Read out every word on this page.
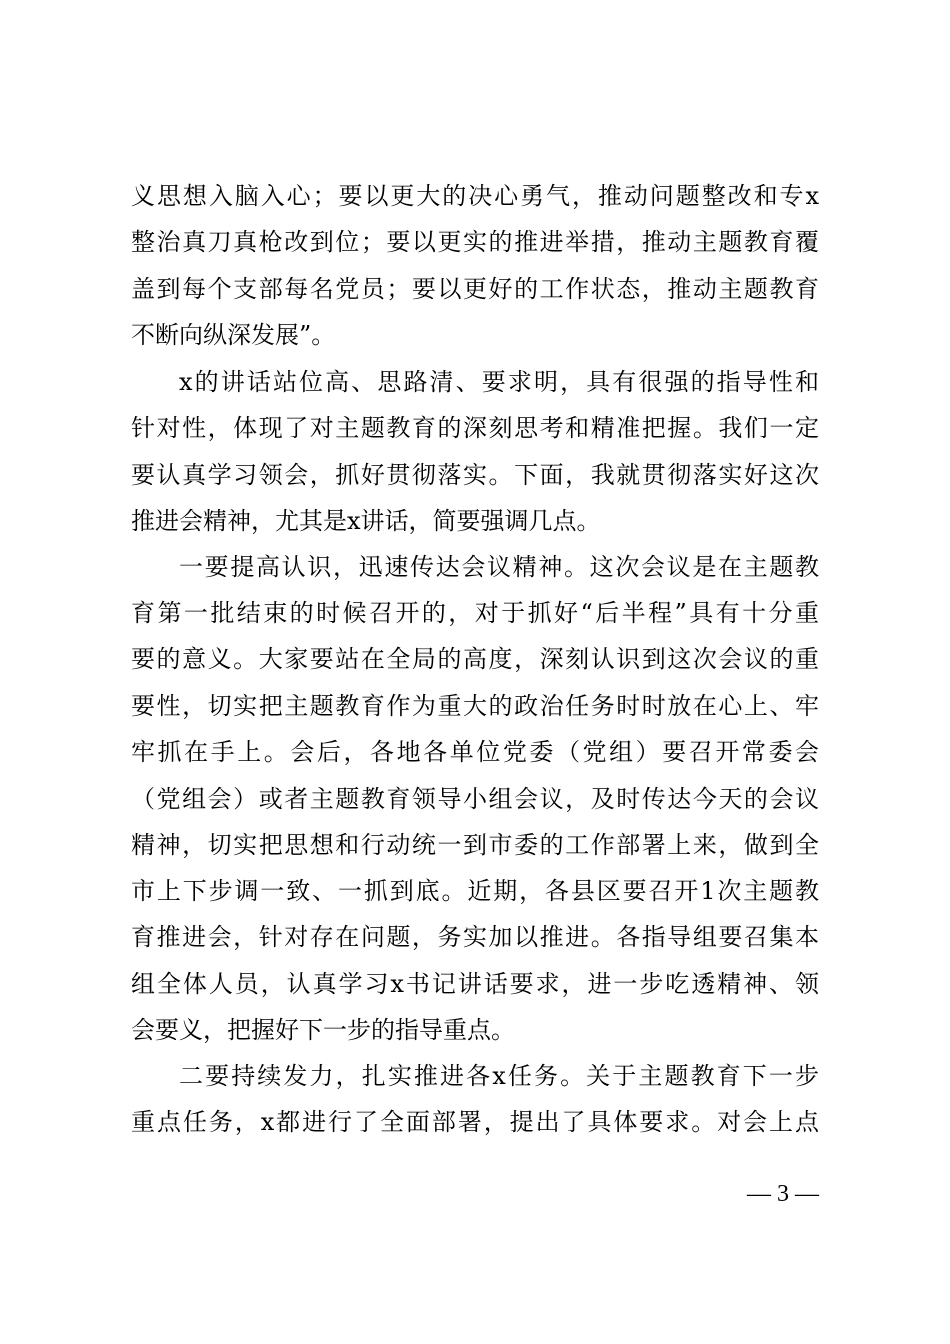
义思想入脑入心；要以更大的决心勇气，推动问题整改和专x
整治真刀真枪改到位；要以更实的推进举措，推动主题教育覆
盖到每个支部每名党员；要以更好的工作状态，推动主题教育
不断向纵深发展”。
x的讲话站位高、思路清、要求明，具有很强的指导性和
针对性，体现了对主题教育的深刻思考和精准把握。我们一定
要认真学习领会，抓好贯彻落实。下面，我就贯彻落实好这次
推进会精神，尤其是x讲话，简要强调几点。
一要提高认识，迅速传达会议精神。这次会议是在主题教
育第一批结束的时候召开的，对于抓好“后半程”具有十分重
要的意义。大家要站在全局的高度，深刻认识到这次会议的重
要性，切实把主题教育作为重大的政治任务时时放在心上、牢
牢抓在手上。会后，各地各单位党委（党组）要召开常委会
（党组会）或者主题教育领导小组会议，及时传达今天的会议
精神，切实把思想和行动统一到市委的工作部署上来，做到全
市上下步调一致、一抓到底。近期，各县区要召开1次主题教
育推进会，针对存在问题，务实加以推进。各指导组要召集本
组全体人员，认真学习x书记讲话要求，进一步吃透精神、领
会要义，把握好下一步的指导重点。
二要持续发力，扎实推进各x任务。关于主题教育下一步
重点任务，x都进行了全面部署，提出了具体要求。对会上点
— 3 —
